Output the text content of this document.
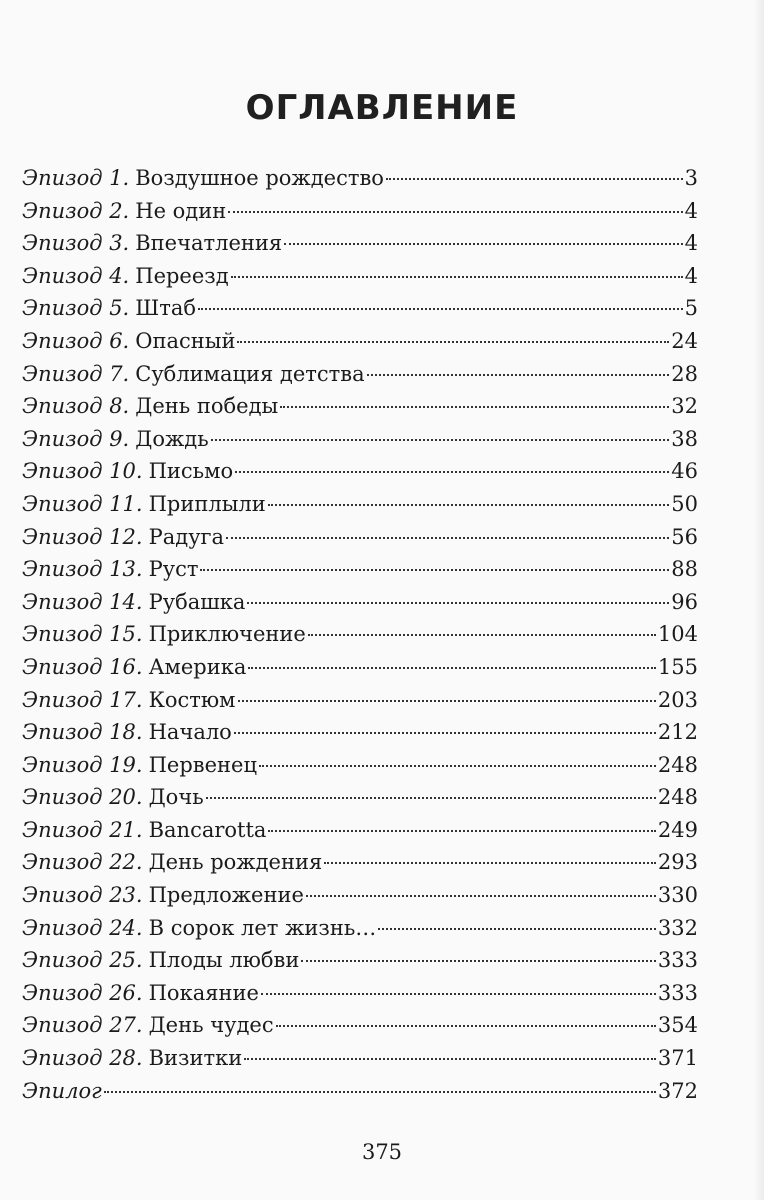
ОГЛАВЛЕНИЕ
Эпизод 1. Воздушное рождество	3
Эпизод 2. Не один	4
Эпизод 3. Впечатления	4
Эпизод 4. Переезд	4
Эпизод 5. Штаб	5
Эпизод 6. Опасный	24
Эпизод 7. Сублимация детства	28
Эпизод 8. День победы	32
Эпизод 9. Дождь	38
Эпизод 10. Письмо	46
Эпизод 11. Приплыли	50
Эпизод 12. Радуга	56
Эпизод 13. Руст	88
Эпизод 14. Рубашка	96
Эпизод 15. Приключение	104
Эпизод 16. Америка	155
Эпизод 17. Костюм	203
Эпизод 18. Начало	212
Эпизод 19. Первенец	248
Эпизод 20. Дочь	248
Эпизод 21. Bancarotta	249
Эпизод 22. День рождения	293
Эпизод 23. Предложение	330
Эпизод 24. В сорок лет жизнь…	332
Эпизод 25. Плоды любви	333
Эпизод 26. Покаяние	333
Эпизод 27. День чудес	354
Эпизод 28. Визитки	371
Эпилог	372
375
